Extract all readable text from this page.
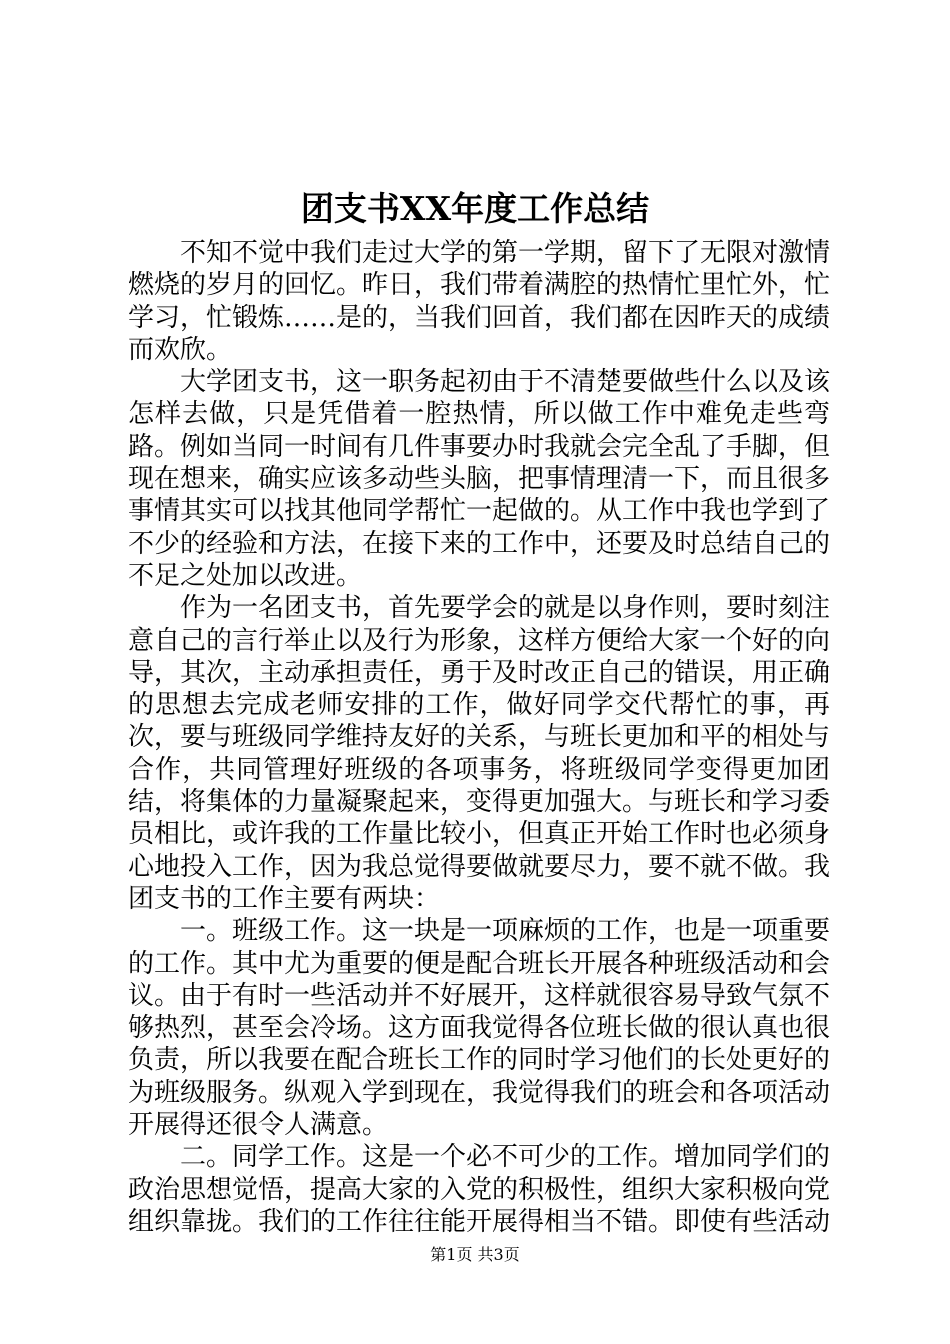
团支书XX年度工作总结

不知不觉中我们走过大学的第一学期，留下了无限对激情燃烧的岁月的回忆。昨日，我们带着满腔的热情忙里忙外，忙学习，忙锻炼……是的，当我们回首，我们都在因昨天的成绩而欢欣。

大学团支书，这一职务起初由于不清楚要做些什么以及该怎样去做，只是凭借着一腔热情，所以做工作中难免走些弯路。例如当同一时间有几件事要办时我就会完全乱了手脚，但现在想来，确实应该多动些头脑，把事情理清一下，而且很多事情其实可以找其他同学帮忙一起做的。从工作中我也学到了不少的经验和方法，在接下来的工作中，还要及时总结自己的不足之处加以改进。

作为一名团支书，首先要学会的就是以身作则，要时刻注意自己的言行举止以及行为形象，这样方便给大家一个好的向导，其次，主动承担责任，勇于及时改正自己的错误，用正确的思想去完成老师安排的工作，做好同学交代帮忙的事，再次，要与班级同学维持友好的关系，与班长更加和平的相处与合作，共同管理好班级的各项事务，将班级同学变得更加团结，将集体的力量凝聚起来，变得更加强大。与班长和学习委员相比，或许我的工作量比较小，但真正开始工作时也必须身心地投入工作，因为我总觉得要做就要尽力，要不就不做。我团支书的工作主要有两块：

一。班级工作。这一块是一项麻烦的工作，也是一项重要的工作。其中尤为重要的便是配合班长开展各种班级活动和会议。由于有时一些活动并不好展开，这样就很容易导致气氛不够热烈，甚至会冷场。这方面我觉得各位班长做的很认真也很负责，所以我要在配合班长工作的同时学习他们的长处更好的为班级服务。纵观入学到现在，我觉得我们的班会和各项活动开展得还很令人满意。

二。同学工作。这是一个必不可少的工作。增加同学们的政治思想觉悟，提高大家的入党的积极性，组织大家积极向党组织靠拢。我们的工作往往能开展得相当不错。即使有些活动

第1页 共3页
